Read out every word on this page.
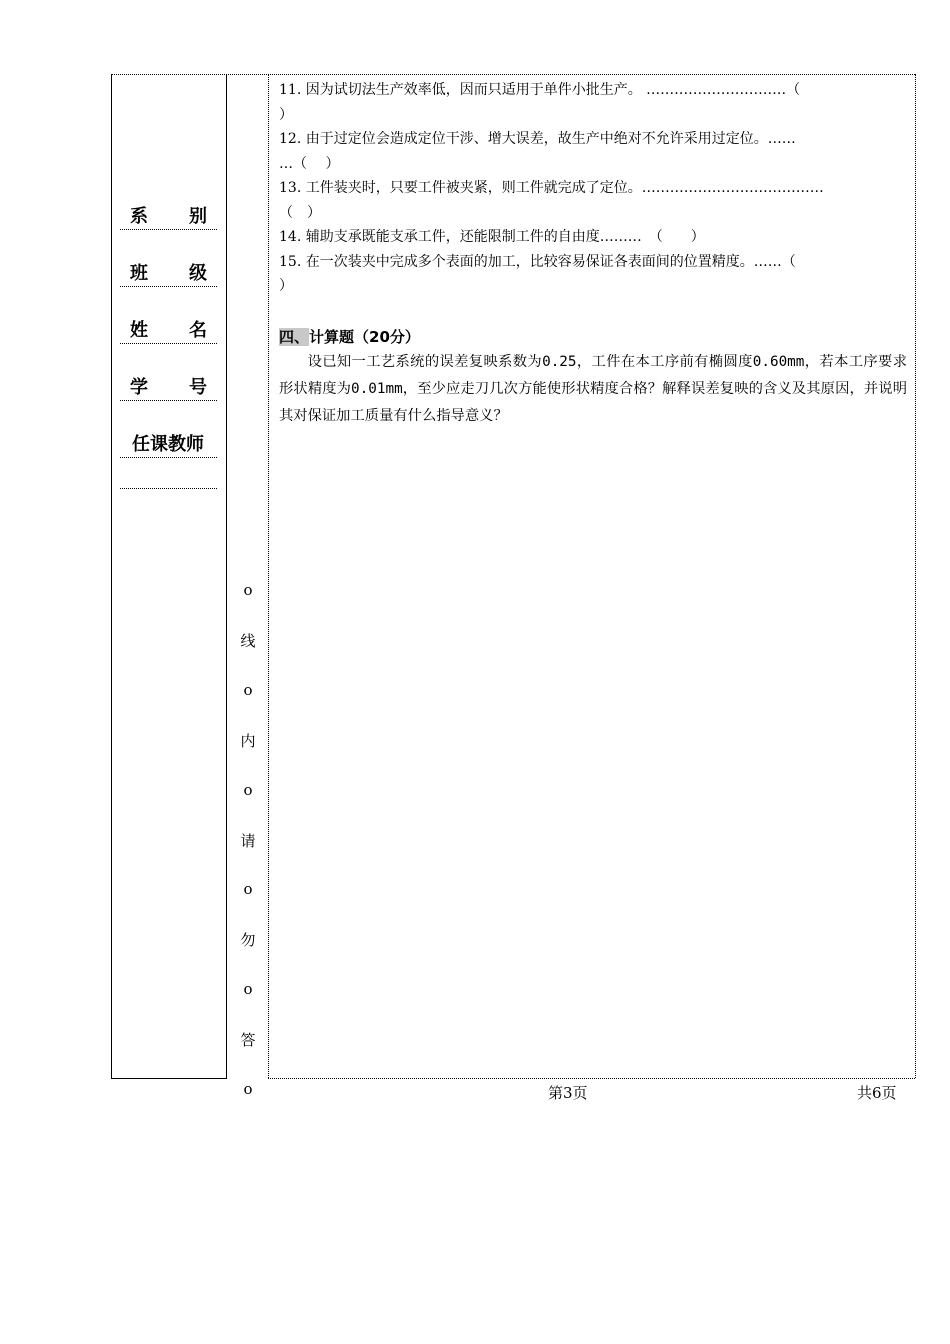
系 别
班 级
姓 名
学 号
任课教师
o
线
o
内
o
请
o
勿
o
答
o

11. 因为试切法生产效率低，因而只适用于单件小批生产。 …………………………（

）

12. 由于过定位会造成定位干涉、增大误差，故生产中绝对不允许采用过定位。……

…（　 ）

13. 工件装夹时，只要工件被夹紧，则工件就完成了定位。…………………………………

（　）

14. 辅助支承既能支承工件，还能限制工件的自由度………　（　　）

15. 在一次装夹中完成多个表面的加工，比较容易保证各表面间的位置精度。……（

）

四、计算题（20分）

设已知一工艺系统的误差复映系数为0.25，工件在本工序前有椭圆度0.60mm，若本工序要求形状精度为0.01mm，至少应走刀几次方能使形状精度合格？解释误差复映的含义及其原因，并说明其对保证加工质量有什么指导意义？

第3页	共6页
